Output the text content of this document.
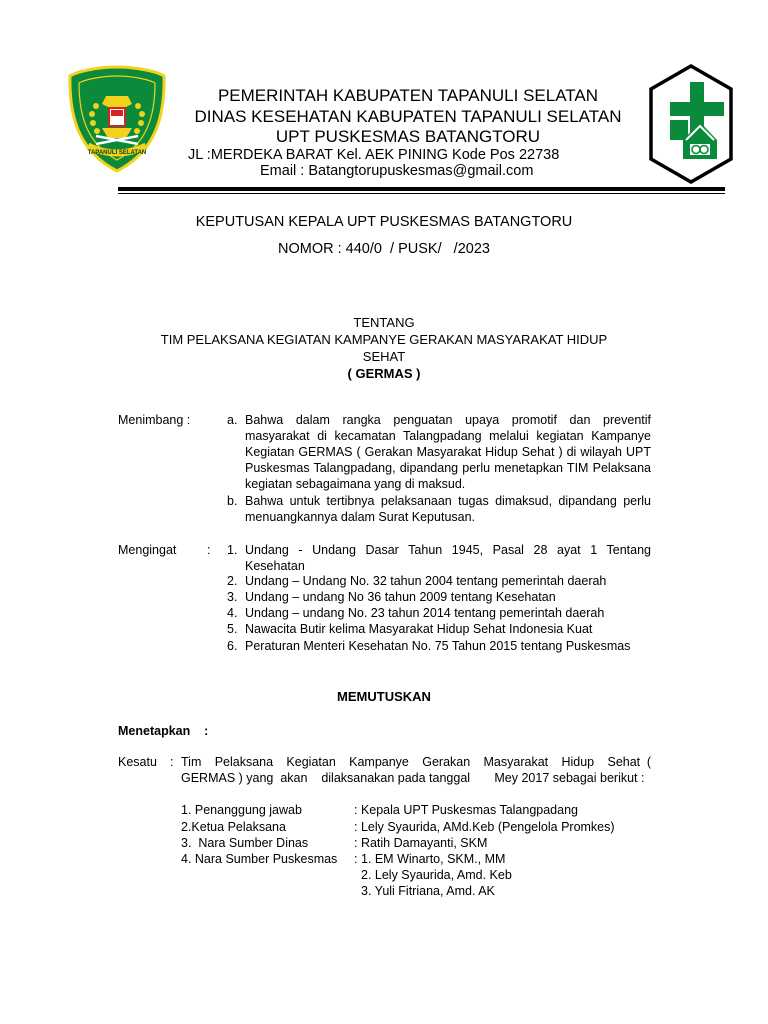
TAPANULI SELATAN
PEMERINTAH KABUPATEN TAPANULI SELATAN
DINAS KESEHATAN KABUPATEN TAPANULI SELATAN
UPT PUSKESMAS BATANGTORU
JL :MERDEKA BARAT Kel. AEK PINING Kode Pos 22738
Email : Batangtorupuskesmas@gmail.com
KEPUTUSAN KEPALA UPT PUSKESMAS BATANGTORU
NOMOR : 440/0  / PUSK/   /2023
TENTANG
TIM PELAKSANA KEGIATAN KAMPANYE GERAKAN MASYARAKAT HIDUP
SEHAT
( GERMAS )
Menimbang :	a. Bahwa dalam rangka penguatan upaya promotif dan preventif masyarakat di kecamatan Talangpadang melalui kegiatan Kampanye Kegiatan GERMAS ( Gerakan Masyarakat Hidup Sehat ) di wilayah UPT Puskesmas Talangpadang, dipandang perlu menetapkan TIM Pelaksana kegiatan sebagaimana yang di maksud.
b. Bahwa untuk tertibnya pelaksanaan tugas dimaksud, dipandang perlu menuangkannya dalam Surat Keputusan.
Mengingat : 1. Undang - Undang Dasar Tahun 1945, Pasal 28 ayat 1 Tentang Kesehatan
2. Undang – Undang No. 32 tahun 2004 tentang pemerintah daerah
3. Undang – undang No 36 tahun 2009 tentang Kesehatan
4. Undang – undang No. 23 tahun 2014 tentang pemerintah daerah
5. Nawacita Butir kelima Masyarakat Hidup Sehat Indonesia Kuat
6. Peraturan Menteri Kesehatan No. 75 Tahun 2015 tentang Puskesmas
MEMUTUSKAN
Menetapkan    :
Kesatu : Tim  Pelaksana  Kegiatan  Kampanye  Gerakan  Masyarakat  Hidup  Sehat ( GERMAS ) yang  akan    dilaksanakan pada tanggal       Mey 2017 sebagai berikut :
1. Penanggung jawab	: Kepala UPT Puskesmas Talangpadang
2.Ketua Pelaksana	: Lely Syaurida, AMd.Keb (Pengelola Promkes)
3.  Nara Sumber Dinas	: Ratih Damayanti, SKM
4. Nara Sumber Puskesmas : 1. EM Winarto, SKM., MM
2. Lely Syaurida, Amd. Keb
3. Yuli Fitriana, Amd. AK
